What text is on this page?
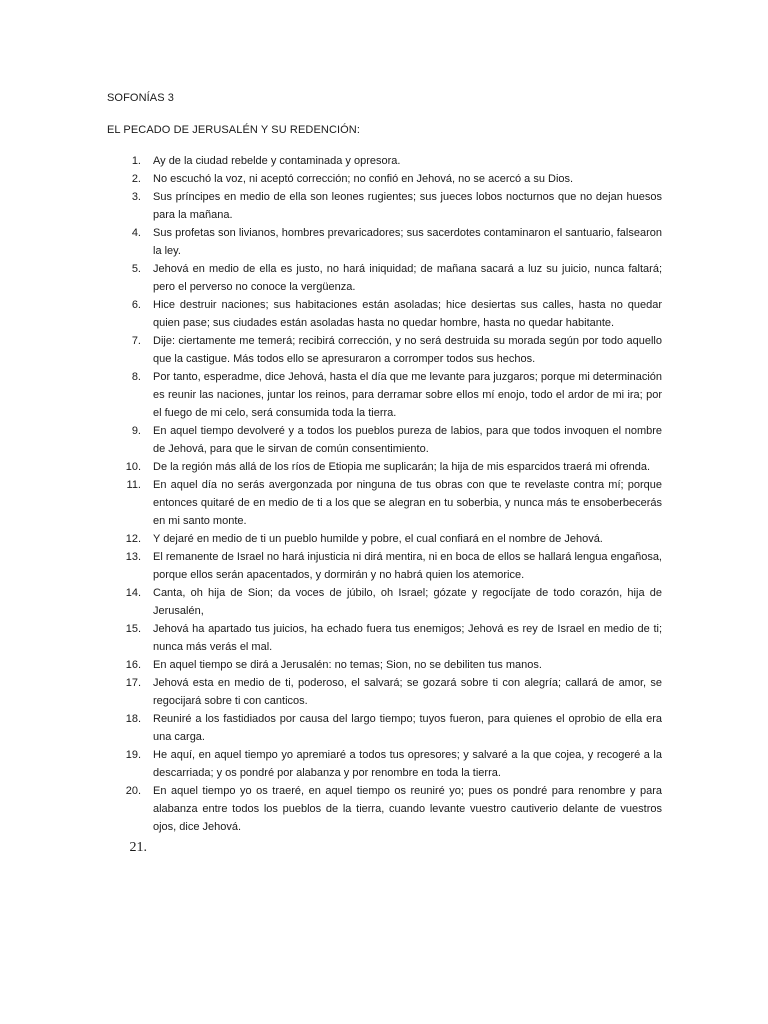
SOFONÍAS 3
EL PECADO DE JERUSALÉN Y SU REDENCIÓN:
1. Ay de la ciudad rebelde y contaminada y opresora.
2. No escuchó la voz, ni aceptó corrección; no confió en Jehová, no se acercó a su Dios.
3. Sus príncipes en medio de ella son leones rugientes; sus jueces lobos nocturnos que no dejan huesos para la mañana.
4. Sus profetas son livianos, hombres prevaricadores; sus sacerdotes contaminaron el santuario, falsearon la ley.
5. Jehová en medio de ella es justo, no hará iniquidad; de mañana sacará a luz su juicio, nunca faltará; pero el perverso no conoce la vergüenza.
6. Hice destruir naciones; sus habitaciones están asoladas; hice desiertas sus calles, hasta no quedar quien pase; sus ciudades están asoladas hasta no quedar hombre, hasta no quedar habitante.
7. Dije: ciertamente me temerá; recibirá corrección, y no será destruida su morada según por todo aquello que la castigue. Más todos ello se apresuraron a corromper todos sus hechos.
8. Por tanto, esperadme, dice Jehová, hasta el día que me levante para juzgaros; porque mi determinación es reunir las naciones, juntar los reinos, para derramar sobre ellos mí enojo, todo el ardor de mi ira; por el fuego de mi celo, será consumida toda la tierra.
9. En aquel tiempo devolveré y a todos los pueblos pureza de labios, para que todos invoquen el nombre de Jehová, para que le sirvan de común consentimiento.
10. De la región más allá de los ríos de Etiopia me suplicarán; la hija de mis esparcidos traerá mi ofrenda.
11. En aquel día no serás avergonzada por ninguna de tus obras con que te revelaste contra mí; porque entonces quitaré de en medio de ti a los que se alegran en tu soberbia, y nunca más te ensoberbecerás en mi santo monte.
12. Y dejaré en medio de ti un pueblo humilde y pobre, el cual confiará en el nombre de Jehová.
13. El remanente de Israel no hará injusticia ni dirá mentira, ni en boca de ellos se hallará lengua engañosa, porque ellos serán apacentados, y dormirán y no habrá quien los atemorice.
14. Canta, oh hija de Sion; da voces de júbilo, oh Israel; gózate y regocíjate de todo corazón, hija de Jerusalén,
15. Jehová ha apartado tus juicios, ha echado fuera tus enemigos; Jehová es rey de Israel en medio de ti; nunca más verás el mal.
16. En aquel tiempo se dirá a Jerusalén: no temas; Sion, no se debiliten tus manos.
17. Jehová esta en medio de ti, poderoso, el salvará; se gozará sobre ti con alegría; callará de amor, se regocijará sobre ti con canticos.
18. Reuniré a los fastidiados por causa del largo tiempo; tuyos fueron, para quienes el oprobio de ella era una carga.
19. He aquí, en aquel tiempo yo apremiaré a todos tus opresores; y salvaré a la que cojea, y recogeré a la descarriada; y os pondré por alabanza y por renombre en toda la tierra.
20. En aquel tiempo yo os traeré, en aquel tiempo os reuniré yo; pues os pondré para renombre y para alabanza entre todos los pueblos de la tierra, cuando levante vuestro cautiverio delante de vuestros ojos, dice Jehová.
21.
